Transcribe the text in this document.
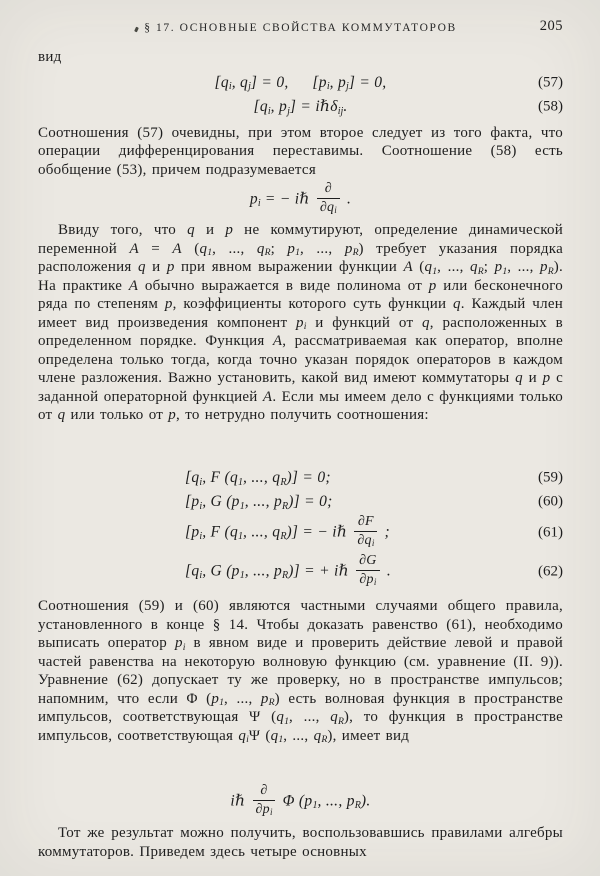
§ 17. ОСНОВНЫЕ СВОЙСТВА КОММУТАТОРОВ	205

вид

[$q_i$, $q_j] = 0$,  [$p_i$, $p_j] = 0$,	(57)
[$q_i$, $p_j$] = iℏδ$_{ij}$.	(58)

Соотношения (57) очевидны, при этом второе следует из того факта, что операции дифференцирования переставимы. Соотношение (58) есть обобщение (53), причем подразумевается

$p_i$ = − iℏ $\frac{\partial}{\partial q_i}$ .

Ввиду того, что q и p не коммутируют, определение динамической переменной A = A ($q_1$, ..., $q_R$; $p_1$, ..., $p_R$) требует указания порядка расположения q и p при явном выражении функции A ($q_1$, ..., $q_R$; $p_1$, ..., $p_R$). На практике A обычно выражается в виде полинома от p или бесконечного ряда по степеням p, коэффициенты которого суть функции q. Каждый член имеет вид произведения компонент $p_i$ и функций от q, расположенных в определенном порядке. Функция A, рассматриваемая как оператор, вполне определена только тогда, когда точно указан порядок операторов в каждом члене разложения. Важно установить, какой вид имеют коммутаторы q и p с заданной операторной функцией A. Если мы имеем дело с функциями только от q или только от p, то нетрудно получить соотношения:

[$q_i$, F ($q_1$, ..., $q_R)] = 0$;	(59)
[$p_i$, G ($p_1$, ..., $p_R)] = 0$;	(60)
[$p_i$, F ($q_1$, ..., $q_R$)] = − iℏ $\frac{\partial F}{\partial q_i}$ ;	(61)
[$q_i$, G ($p_1$, ..., $p_R$)] = + iℏ $\frac{\partial G}{\partial p_i}$ .	(62)

Соотношения (59) и (60) являются частными случаями общего правила, установленного в конце § 14. Чтобы доказать равенство (61), необходимо выписать оператор $p_i$ в явном виде и проверить действие левой и правой частей равенства на некоторую волновую функцию (см. уравнение (II. 9)). Уравнение (62) допускает ту же проверку, но в пространстве импульсов; напомним, что если Φ ($p_1$, ..., $p_R$) есть волновая функция в пространстве импульсов, соответствующая Ψ ($q_1$, ..., $q_R$), то функция в пространстве импульсов, соответствующая $q_i\Psi$ ($q_1$, ..., $q_R$), имеет вид

iℏ $\frac{\partial}{\partial p_i}$ Φ ($p_1$, ..., $p_R$).

Тот же результат можно получить, воспользовавшись правилами алгебры коммутаторов. Приведем здесь четыре основных
